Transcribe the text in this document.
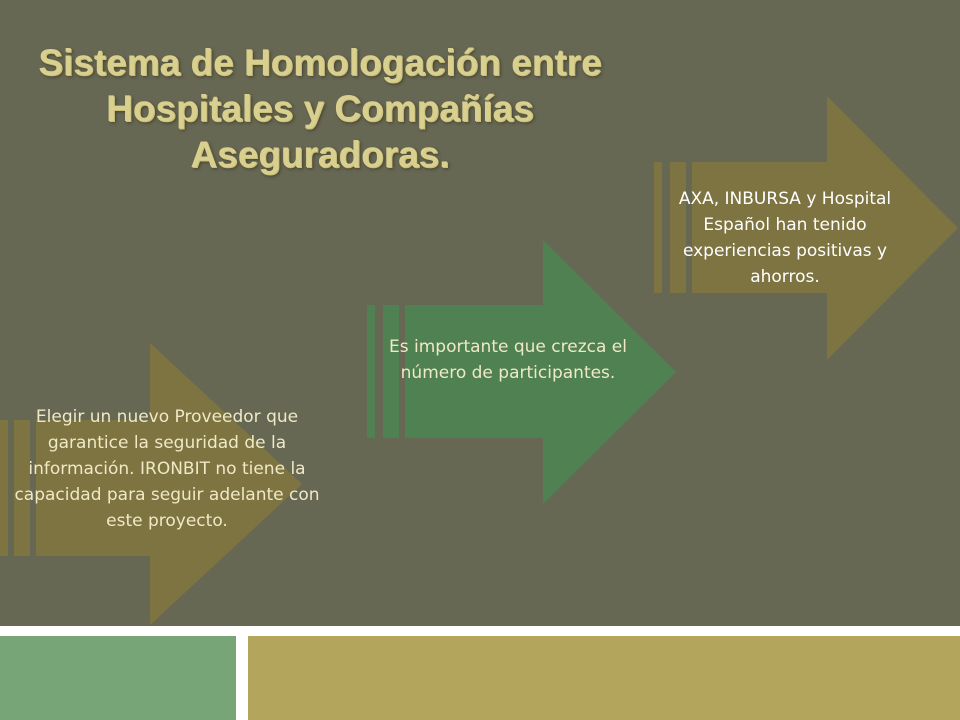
Sistema de Homologación entre Hospitales y Compañías Aseguradoras.
Elegir un nuevo Proveedor que garantice la seguridad de la información. IRONBIT no tiene la capacidad para seguir adelante con este proyecto.
Es importante que crezca el número de participantes.
AXA, INBURSA y Hospital Español han tenido experiencias positivas y ahorros.
